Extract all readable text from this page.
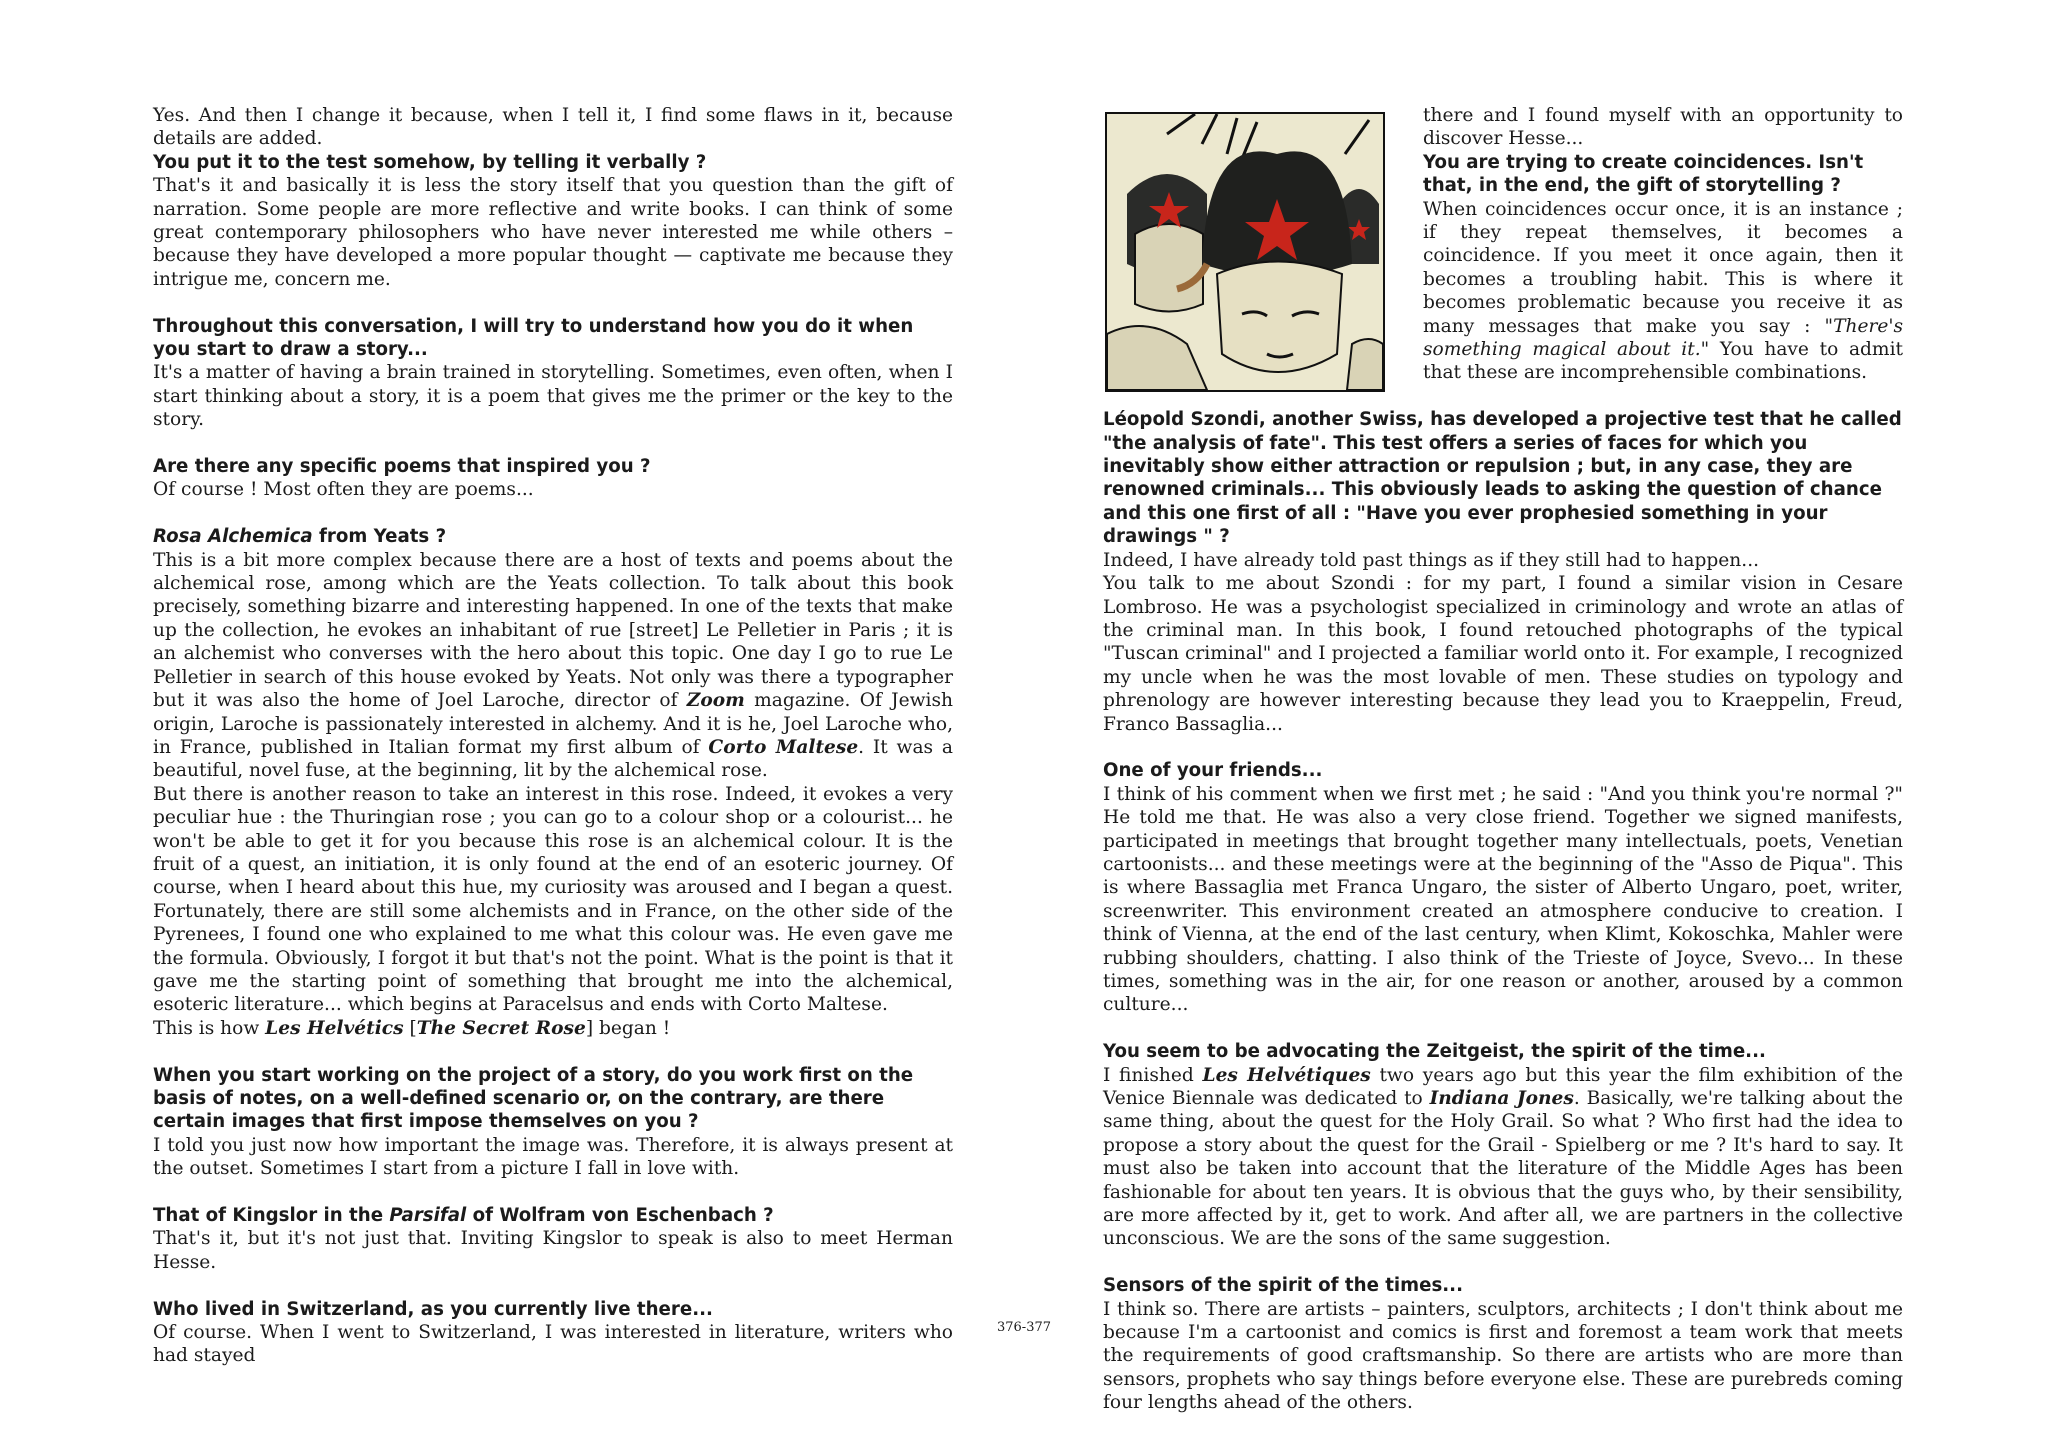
Yes. And then I change it because, when I tell it, I find some flaws in it, because details are added.

You put it to the test somehow, by telling it verbally ?

That's it and basically it is less the story itself that you question than the gift of narration. Some people are more reflective and write books. I can think of some great contemporary philosophers who have never interested me while others – because they have developed a more popular thought — captivate me because they intrigue me, concern me.

Throughout this conversation, I will try to understand how you do it when you start to draw a story...

It's a matter of having a brain trained in storytelling. Sometimes, even often, when I start thinking about a story, it is a poem that gives me the primer or the key to the story.

Are there any specific poems that inspired you ?

Of course ! Most often they are poems...

Rosa Alchemica from Yeats ?

This is a bit more complex because there are a host of texts and poems about the alchemical rose, among which are the Yeats collection. To talk about this book precisely, something bizarre and interesting happened. In one of the texts that make up the collection, he evokes an inhabitant of rue [street] Le Pelletier in Paris ; it is an alchemist who converses with the hero about this topic. One day I go to rue Le Pelletier in search of this house evoked by Yeats. Not only was there a typographer but it was also the home of Joel Laroche, director of Zoom magazine. Of Jewish origin, Laroche is passionately interested in alchemy. And it is he, Joel Laroche who, in France, published in Italian format my first album of Corto Maltese. It was a beautiful, novel fuse, at the beginning, lit by the alchemical rose.

But there is another reason to take an interest in this rose. Indeed, it evokes a very peculiar hue : the Thuringian rose ; you can go to a colour shop or a colourist... he won't be able to get it for you because this rose is an alchemical colour. It is the fruit of a quest, an initiation, it is only found at the end of an esoteric journey. Of course, when I heard about this hue, my curiosity was aroused and I began a quest. Fortunately, there are still some alchemists and in France, on the other side of the Pyrenees, I found one who explained to me what this colour was. He even gave me the formula. Obviously, I forgot it but that's not the point. What is the point is that it gave me the starting point of something that brought me into the alchemical, esoteric literature... which begins at Paracelsus and ends with Corto Maltese.

This is how Les Helvétics [The Secret Rose] began !

When you start working on the project of a story, do you work first on the basis of notes, on a well-defined scenario or, on the contrary, are there certain images that first impose themselves on you ?

I told you just now how important the image was. Therefore, it is always present at the outset. Sometimes I start from a picture I fall in love with.

That of Kingslor in the Parsifal of Wolfram von Eschenbach ?

That's it, but it's not just that. Inviting Kingslor to speak is also to meet Herman Hesse.

Who lived in Switzerland, as you currently live there...

Of course. When I went to Switzerland, I was interested in literature, writers who had stayed

there and I found myself with an opportunity to discover Hesse...

You are trying to create coincidences. Isn't that, in the end, the gift of storytelling ?

When coincidences occur once, it is an instance ; if they repeat themselves, it becomes a coincidence. If you meet it once again, then it becomes a troubling habit. This is where it becomes problematic because you receive it as many messages that make you say : "There's something magical about it." You have to admit that these are incomprehensible combinations.

Léopold Szondi, another Swiss, has developed a projective test that he called "the analysis of fate". This test offers a series of faces for which you inevitably show either attraction or repulsion ; but, in any case, they are renowned criminals... This obviously leads to asking the question of chance and this one first of all : "Have you ever prophesied something in your drawings " ?

Indeed, I have already told past things as if they still had to happen...

You talk to me about Szondi : for my part, I found a similar vision in Cesare Lombroso. He was a psychologist specialized in criminology and wrote an atlas of the criminal man. In this book, I found retouched photographs of the typical "Tuscan criminal" and I projected a familiar world onto it. For example, I recognized my uncle when he was the most lovable of men. These studies on typology and phrenology are however interesting because they lead you to Kraeppelin, Freud, Franco Bassaglia...

One of your friends...

I think of his comment when we first met ; he said : "And you think you're normal ?" He told me that. He was also a very close friend. Together we signed manifests, participated in meetings that brought together many intellectuals, poets, Venetian cartoonists... and these meetings were at the beginning of the "Asso de Piqua". This is where Bassaglia met Franca Ungaro, the sister of Alberto Ungaro, poet, writer, screenwriter. This environment created an atmosphere conducive to creation. I think of Vienna, at the end of the last century, when Klimt, Kokoschka, Mahler were rubbing shoulders, chatting. I also think of the Trieste of Joyce, Svevo... In these times, something was in the air, for one reason or another, aroused by a common culture...

You seem to be advocating the Zeitgeist, the spirit of the time...

I finished Les Helvétiques two years ago but this year the film exhibition of the Venice Biennale was dedicated to Indiana Jones. Basically, we're talking about the same thing, about the quest for the Holy Grail. So what ? Who first had the idea to propose a story about the quest for the Grail - Spielberg or me ? It's hard to say. It must also be taken into account that the literature of the Middle Ages has been fashionable for about ten years. It is obvious that the guys who, by their sensibility, are more affected by it, get to work. And after all, we are partners in the collective unconscious. We are the sons of the same suggestion.

Sensors of the spirit of the times...

I think so. There are artists – painters, sculptors, architects ; I don't think about me because I'm a cartoonist and comics is first and foremost a team work that meets the requirements of good craftsmanship. So there are artists who are more than sensors, prophets who say things before everyone else. These are purebreds coming four lengths ahead of the others.

376-377
